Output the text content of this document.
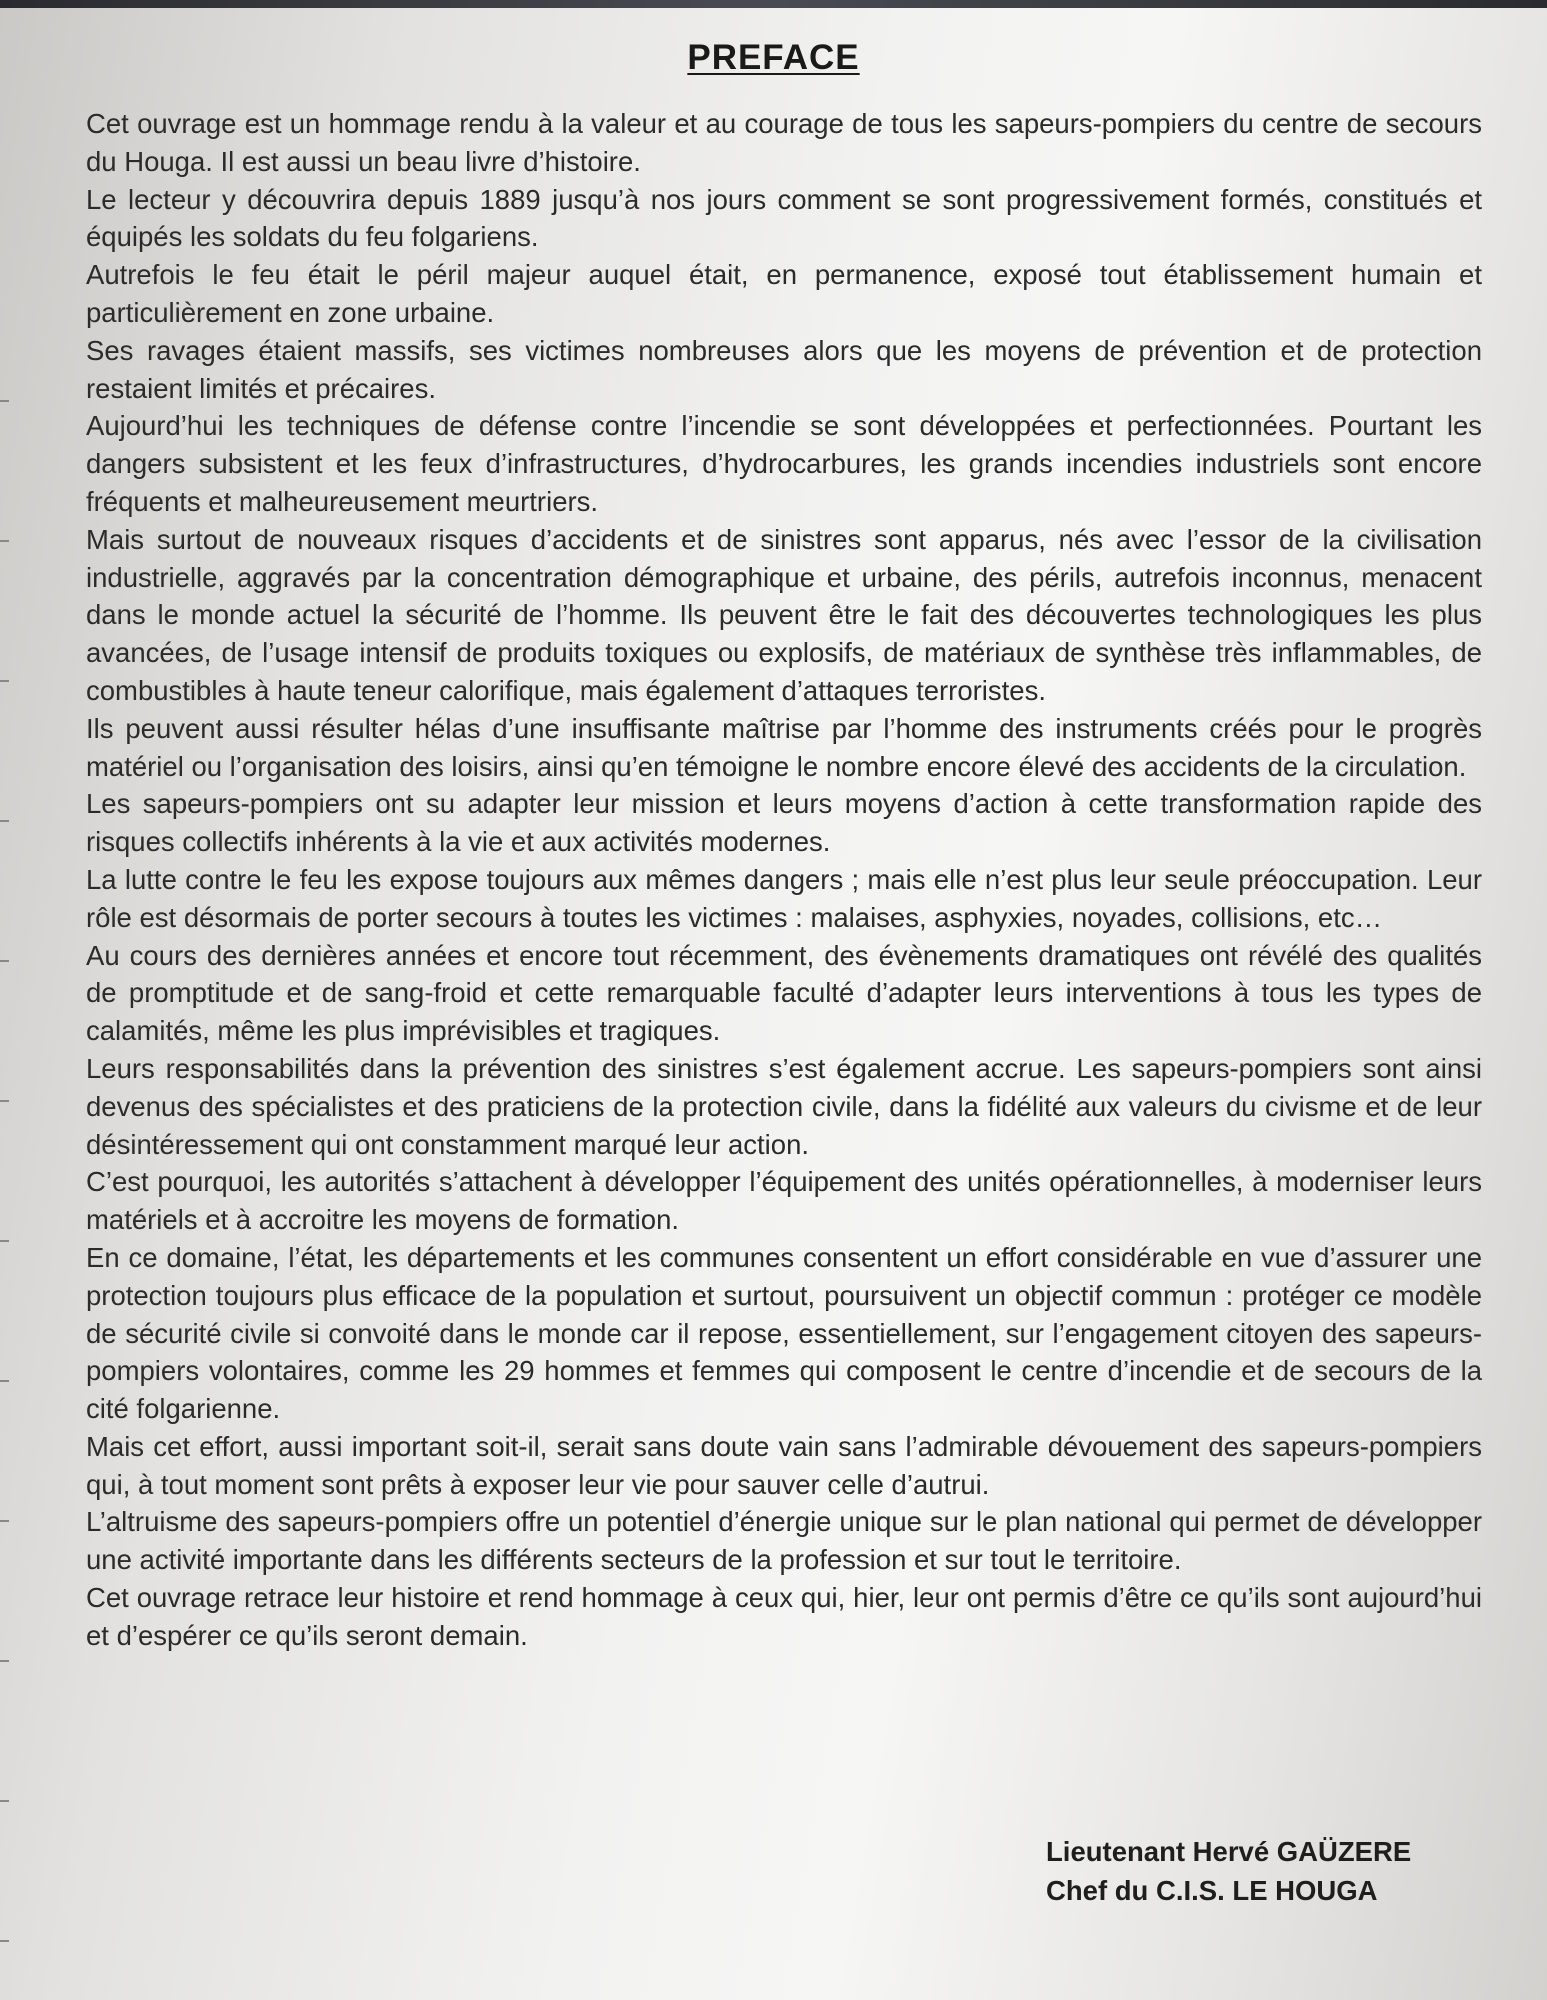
PREFACE

Cet ouvrage est un hommage rendu à la valeur et au courage de tous les sapeurs-pompiers du centre de secours du Houga. Il est aussi un beau livre d’histoire.

Le lecteur y découvrira depuis 1889 jusqu’à nos jours comment se sont progressivement formés, constitués et équipés les soldats du feu folgariens.

Autrefois le feu était le péril majeur auquel était, en permanence, exposé tout établissement humain et particulièrement en zone urbaine.

Ses ravages étaient massifs, ses victimes nombreuses alors que les moyens de prévention et de protection restaient limités et précaires.

Aujourd’hui les techniques de défense contre l’incendie se sont développées et perfectionnées. Pourtant les dangers subsistent et les feux d’infrastructures, d’hydrocarbures, les grands incendies industriels sont encore fréquents et malheureusement meurtriers.

Mais surtout de nouveaux risques d’accidents et de sinistres sont apparus, nés avec l’essor de la civilisation industrielle, aggravés par la concentration démographique et urbaine, des périls, autrefois inconnus, menacent dans le monde actuel la sécurité de l’homme. Ils peuvent être le fait des découvertes technologiques les plus avancées, de l’usage intensif de produits toxiques ou explosifs, de matériaux de synthèse très inflammables, de combustibles à haute teneur calorifique, mais également d’attaques terroristes.

Ils peuvent aussi résulter hélas d’une insuffisante maîtrise par l’homme des instruments créés pour le progrès matériel ou l’organisation des loisirs, ainsi qu’en témoigne le nombre encore élevé des accidents de la circulation.

Les sapeurs-pompiers ont su adapter leur mission et leurs moyens d’action à cette transformation rapide des risques collectifs inhérents à la vie et aux activités modernes.

La lutte contre le feu les expose toujours aux mêmes dangers ; mais elle n’est plus leur seule préoccupation. Leur rôle est désormais de porter secours à toutes les victimes : malaises, asphyxies, noyades, collisions, etc…

Au cours des dernières années et encore tout récemment, des évènements dramatiques ont révélé des qualités de promptitude et de sang-froid et cette remarquable faculté d’adapter leurs interventions à tous les types de calamités, même les plus imprévisibles et tragiques.

Leurs responsabilités dans la prévention des sinistres s’est également accrue. Les sapeurs-pompiers sont ainsi devenus des spécialistes et des praticiens de la protection civile, dans la fidélité aux valeurs du civisme et de leur désintéressement qui ont constamment marqué leur action.

C’est pourquoi, les autorités s’attachent à développer l’équipement des unités opérationnelles, à moderniser leurs matériels et à accroitre les moyens de formation.

En ce domaine, l’état, les départements et les communes consentent un effort considérable en vue d’assurer une protection toujours plus efficace de la population et surtout, poursuivent un objectif commun : protéger ce modèle de sécurité civile si convoité dans le monde car il repose, essentiellement, sur l’engagement citoyen des sapeurs-pompiers volontaires, comme les 29 hommes et femmes qui composent le centre d’incendie et de secours de la cité folgarienne.

Mais cet effort, aussi important soit-il, serait sans doute vain sans l’admirable dévouement des sapeurs-pompiers qui, à tout moment sont prêts à exposer leur vie pour sauver celle d’autrui.

L’altruisme des sapeurs-pompiers offre un potentiel d’énergie unique sur le plan national qui permet de développer une activité importante dans les différents secteurs de la profession et sur tout le territoire.

Cet ouvrage retrace leur histoire et rend hommage à ceux qui, hier, leur ont permis d’être ce qu’ils sont aujourd’hui et d’espérer ce qu’ils seront demain.

Lieutenant Hervé GAÜZERE
Chef du C.I.S. LE HOUGA
